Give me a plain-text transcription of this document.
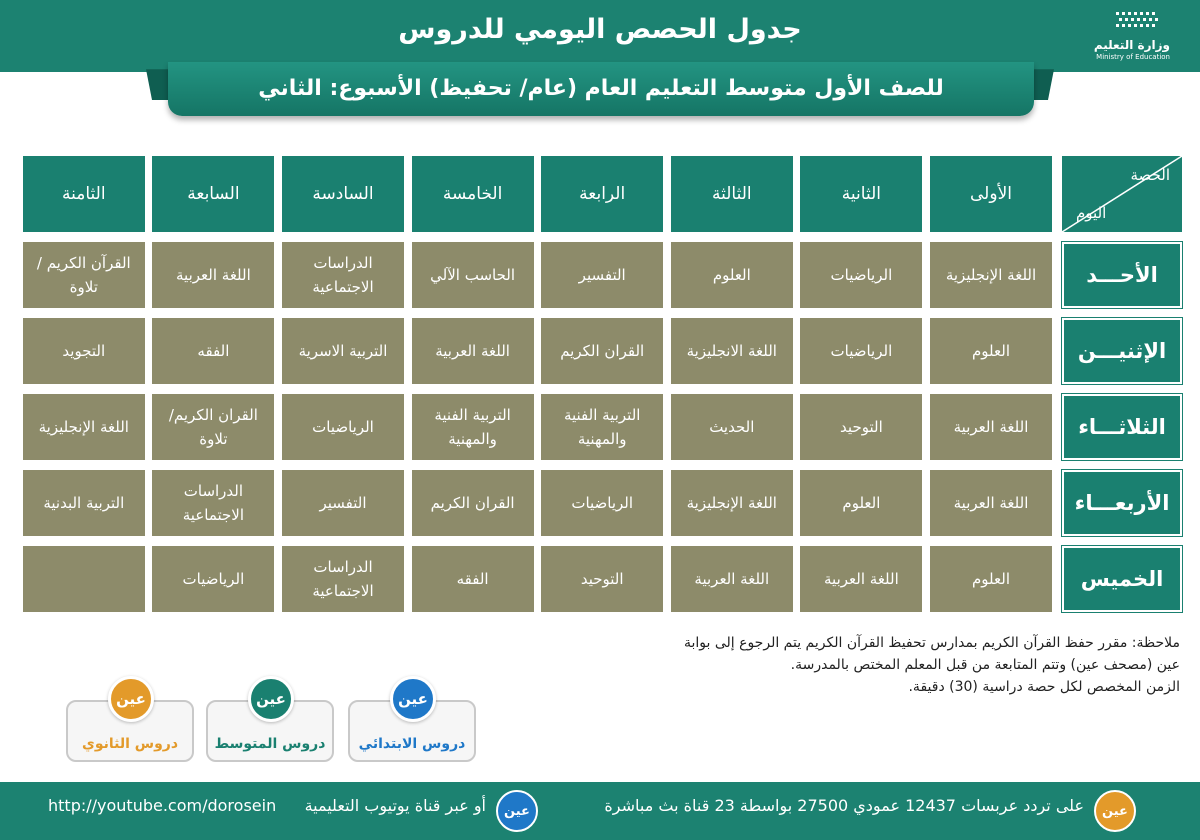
جدول الحصص اليومي للدروس	وزارة التعليم
Ministry of Education
للصف الأول متوسط التعليم العام (عام/ تحفيظ) الأسبوع: الثاني
الحصة
اليوم
الأولى
الثانية
الثالثة
الرابعة
الخامسة
السادسة
السابعة
الثامنة
الأحـــد
اللغة الإنجليزية
الرياضيات
العلوم
التفسير
الحاسب الآلي
الدراسات
الاجتماعية
اللغة العربية
القرآن الكريم /
تلاوة
الإثنيـــن
العلوم
الرياضيات
اللغة الانجليزية
القران الكريم
اللغة العربية
التربية الاسرية
الفقه
التجويد
الثلاثـــاء
اللغة العربية
التوحيد
الحديث
التربية الفنية
والمهنية
التربية الفنية
والمهنية
الرياضيات
القران الكريم/
تلاوة
اللغة الإنجليزية
الأربعـــاء
اللغة العربية
العلوم
اللغة الإنجليزية
الرياضيات
القران الكريم
التفسير
الدراسات
الاجتماعية
التربية البدنية
الخميس
العلوم
اللغة العربية
اللغة العربية
التوحيد
الفقه
الدراسات
الاجتماعية
الرياضيات

ملاحظة: مقرر حفظ القرآن الكريم بمدارس تحفيظ القرآن الكريم يتم الرجوع إلى بوابة

عين (مصحف عين) وتتم المتابعة من قبل المعلم المختص بالمدرسة.

الزمن المخصص لكل حصة دراسية (30) دقيقة.

عين
دروس الابتدائي
عين
دروس المتوسط
عين
دروس الثانوي
عين
على تردد عربسات 12437 عمودي 27500 بواسطة 23 قناة بث مباشرة
عين
أو عبر قناة يوتيوب التعليمية
http://youtube.com/dorosein
